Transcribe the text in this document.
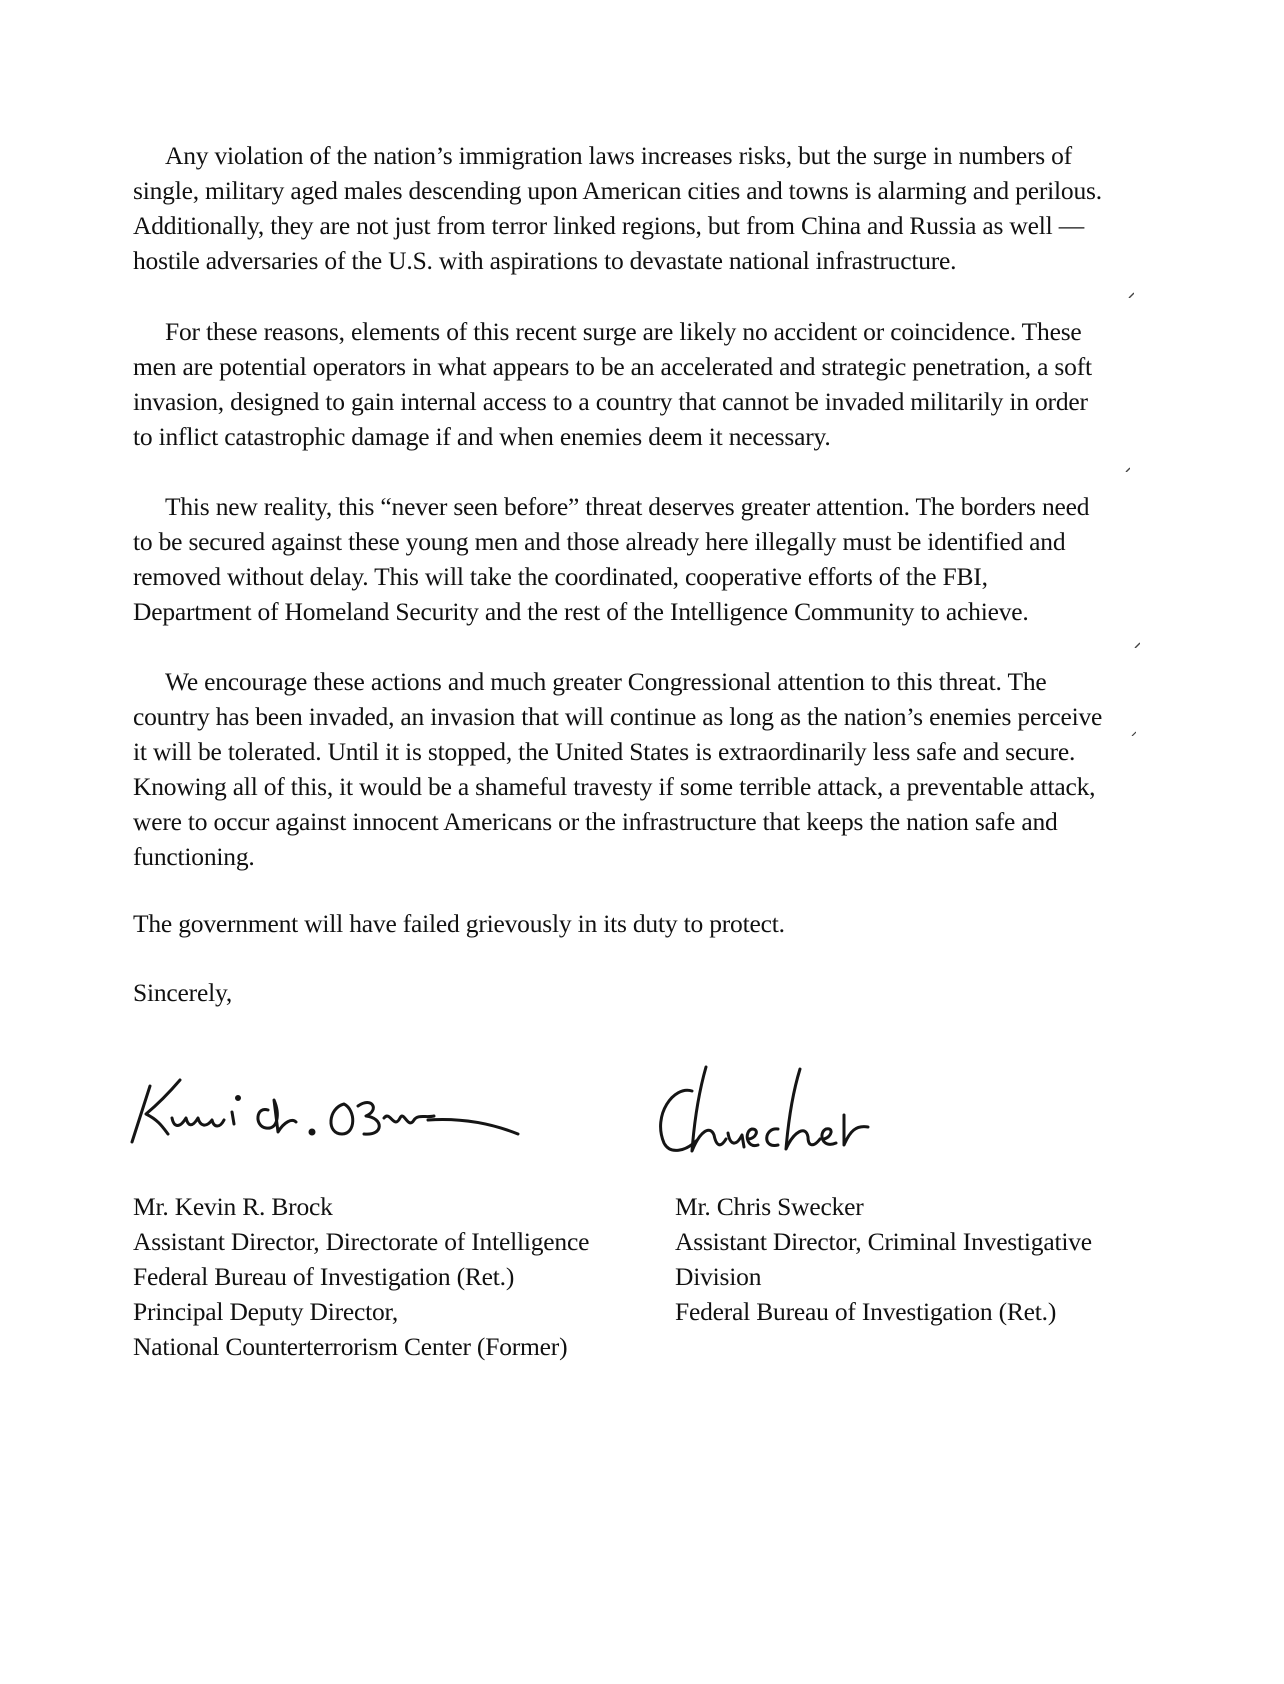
Any violation of the nation’s immigration laws increases risks, but the surge in numbers of
single, military aged males descending upon American cities and towns is alarming and perilous.
Additionally, they are not just from terror linked regions, but from China and Russia as well —
hostile adversaries of the U.S. with aspirations to devastate national infrastructure.

For these reasons, elements of this recent surge are likely no accident or coincidence. These
men are potential operators in what appears to be an accelerated and strategic penetration, a soft
invasion, designed to gain internal access to a country that cannot be invaded militarily in order
to inflict catastrophic damage if and when enemies deem it necessary.

This new reality, this “never seen before” threat deserves greater attention. The borders need
to be secured against these young men and those already here illegally must be identified and
removed without delay. This will take the coordinated, cooperative efforts of the FBI,
Department of Homeland Security and the rest of the Intelligence Community to achieve.

We encourage these actions and much greater Congressional attention to this threat. The
country has been invaded, an invasion that will continue as long as the nation’s enemies perceive
it will be tolerated. Until it is stopped, the United States is extraordinarily less safe and secure.
Knowing all of this, it would be a shameful travesty if some terrible attack, a preventable attack,
were to occur against innocent Americans or the infrastructure that keeps the nation safe and
functioning.

The government will have failed grievously in its duty to protect.

Sincerely,

Mr. Kevin R. Brock
Assistant Director, Directorate of Intelligence
Federal Bureau of Investigation (Ret.)
Principal Deputy Director,
National Counterterrorism Center (Former)
Mr. Chris Swecker
Assistant Director, Criminal Investigative
Division
Federal Bureau of Investigation (Ret.)
